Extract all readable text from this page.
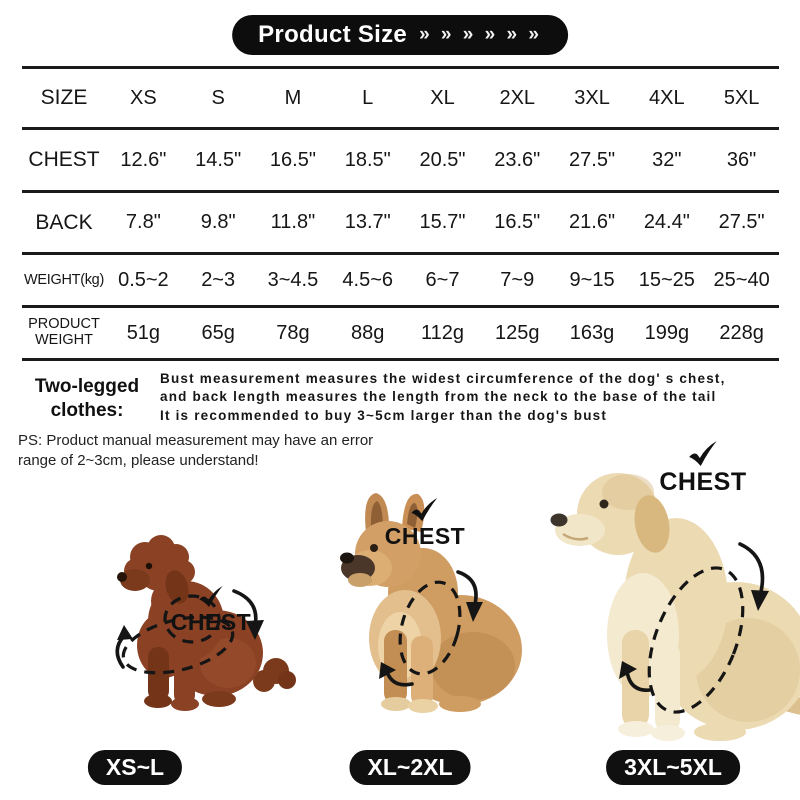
Product Size » » » » » »
SIZE	XS	S	M	L	XL	2XL	3XL	4XL	5XL
CHEST	12.6"	14.5"	16.5"	18.5"	20.5"	23.6"	27.5"	32"	36"
BACK	7.8"	9.8"	11.8"	13.7"	15.7"	16.5"	21.6"	24.4"	27.5"
WEIGHT(kg) 0.5~2	2~3	3~4.5	4.5~6	6~7	7~9	9~15	15~25 25~40
PRODUCT WEIGHT	51g	65g	78g	88g	112g	125g	163g	199g	228g
Two-legged
clothes:
Bust measurement measures the widest circumference of the dog' s chest,
and back length measures the length from the neck to the base of the tail
It is recommended to buy 3~5cm larger than the dog's bust
PS: Product manual measurement may have an error
range of 2~3cm, please understand!
CHEST
CHEST
CHEST
XS~L	XL~2XL	3XL~5XL
